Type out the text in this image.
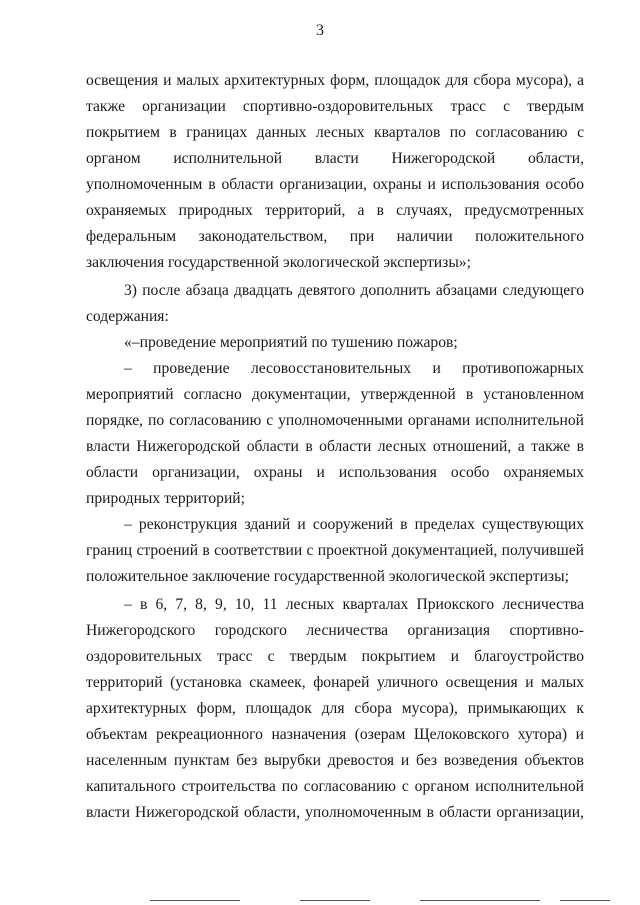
3
освещения и малых архитектурных форм, площадок для сбора мусора), а
также организации спортивно-оздоровительных трасс с твердым
покрытием в границах данных лесных кварталов по согласованию с
органом исполнительной власти Нижегородской области,
уполномоченным в области организации, охраны и использования особо
охраняемых природных территорий, а в случаях, предусмотренных
федеральным законодательством, при наличии положительного
заключения государственной экологической экспертизы»;
3) после абзаца двадцать девятого дополнить абзацами следующего
содержания:
«–проведение мероприятий по тушению пожаров;
– проведение лесовосстановительных и противопожарных
мероприятий согласно документации, утвержденной в установленном
порядке, по согласованию с уполномоченными органами исполнительной
власти Нижегородской области в области лесных отношений, а также в
области организации, охраны и использования особо охраняемых
природных территорий;
– реконструкция зданий и сооружений в пределах существующих
границ строений в соответствии с проектной документацией, получившей
положительное заключение государственной экологической экспертизы;
– в 6, 7, 8, 9, 10, 11 лесных кварталах Приокского лесничества
Нижегородского городского лесничества организация спортивно-
оздоровительных трасс с твердым покрытием и благоустройство
территорий (установка скамеек, фонарей уличного освещения и малых
архитектурных форм, площадок для сбора мусора), примыкающих к
объектам рекреационного назначения (озерам Щелоковского хутора) и
населенным пунктам без вырубки древостоя и без возведения объектов
капитального строительства по согласованию с органом исполнительной
власти Нижегородской области, уполномоченным в области организации,
